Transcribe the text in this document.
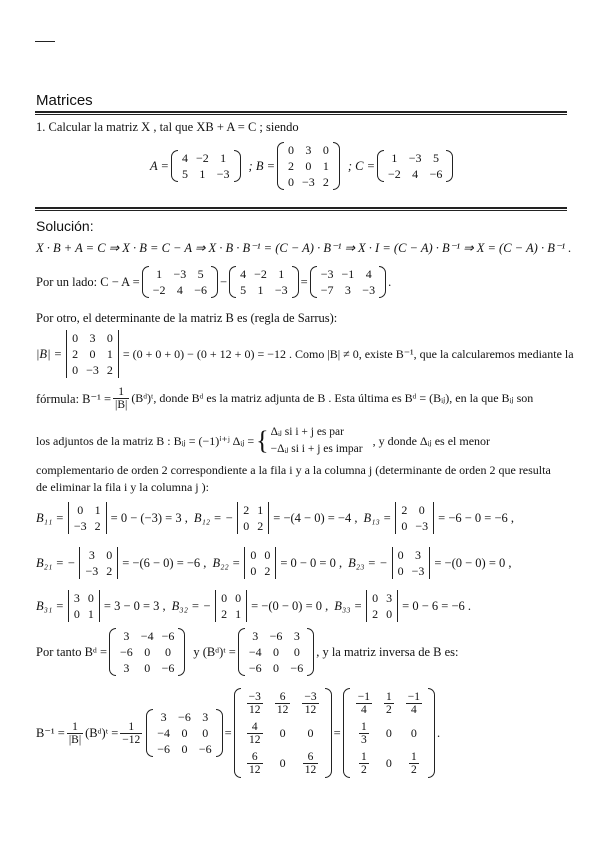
Matrices
1. Calcular la matriz X , tal que XB + A = C ; siendo
A =
4	−2	1
5	1	−3
; B =
0	3	0
2	0	1
0	−3	2
; C =
1	−3	5
−2	4	−6
Solución:
X · B + A = C ⇒ X · B = C − A ⇒ X · B · B⁻¹ = (C − A) · B⁻¹ ⇒ X · I = (C − A) · B⁻¹ ⇒ X = (C − A) · B⁻¹ .
Por un lado: C − A =
1	−3	5
−2	4	−6
−
4	−2	1
5	1	−3
=
−3	−1	4
−7	3	−3
.
Por otro, el determinante de la matriz B es (regla de Sarrus):
|B| =
0	3	0
2	0	1
0	−3	2
= (0 + 0 + 0) − (0 + 12 + 0) = −12 . Como |B| ≠ 0, existe B⁻¹, que la calcularemos mediante la
fórmula: $B^{-1} = \frac{1}{|B|}$ (Bᵈ)ᵗ, donde Bᵈ es la matriz adjunta de B . Esta última es Bᵈ = (Bᵢⱼ), en la que Bᵢⱼ son
los adjuntos de la matriz B : Bᵢⱼ = (−1)ⁱ⁺ʲ Δᵢⱼ = { Δᵢⱼ si i + j es par
−Δᵢⱼ si i + j es impar
, y donde Δᵢⱼ es el menor
complementario de orden 2 correspondiente a la fila i y a la columna j (determinante de orden 2 que resulta
de eliminar la fila i y la columna j ):
B₁₁ =
0	1
−3	2
= 0 − (−3) = 3 , B₁₂ = −
2	1
0	2
= −(4 − 0) = −4 , B₁₃ =
2	0
0	−3
= −6 − 0 = −6 ,
B₂₁ = −
3	0
−3	2
= −(6 − 0) = −6 , B₂₂ =
0	0
0	2
= 0 − 0 = 0 , B₂₃ = −
0	3
0	−3
= −(0 − 0) = 0 ,
B₃₁ =
3	0
0	1
= 3 − 0 = 3 , B₃₂ = −
0	0
2	1
= −(0 − 0) = 0 , B₃₃ =
0	3
2	0
= 0 − 6 = −6 .
Por tanto Bᵈ =
3	−4	−6
−6	0	0
3	0	−6
y (Bᵈ)ᵗ =
3	−6	3
−4	0	0
−6	0	−6
, y la matriz inversa de B es:
$B^{-1} = \frac{1}{|B|}$ (Bᵈ)ᵗ = $\frac{1}{-12}$
3	−6	3
−4	0	0
−6	0	−6
=
$\frac{-3}{12}$	$\frac{6}{12}$	$\frac{-3}{12}$

$\frac{4}{12}$	0	0

$\frac{6}{12}$	0	$\frac{6}{12}$
=
$\frac{-1}{4}$	$\frac{1}{2}$	$\frac{-1}{4}$

$\frac{1}{3}$	0	0

$\frac{1}{2}$	0	$\frac{1}{2}$
.
